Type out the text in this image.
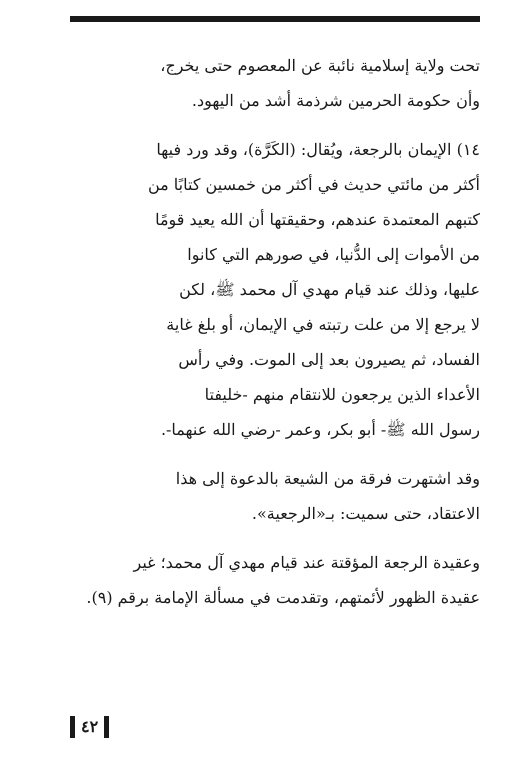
تحت ولاية إسلامية نائبة عن المعصوم حتى يخرج،
وأن حكومة الحرمين شرذمة أشد من اليهود.
١٤) الإيمان بالرجعة، ويُقال: (الكَرَّة)، وقد ورد فيها
أكثر من مائتي حديث في أكثر من خمسين كتابًا من
كتبهم المعتمدة عندهم، وحقيقتها أن الله يعيد قومًا
من الأموات إلى الدُّنيا، في صورهم التي كانوا
عليها، وذلك عند قيام مهدي آل محمد ﷺ، لكن
لا يرجع إلا من علت رتبته في الإيمان، أو بلغ غاية
الفساد، ثم يصيرون بعد إلى الموت. وفي رأس
الأعداء الذين يرجعون للانتقام منهم -خليفتا
رسول الله ﷺ- أبو بكر، وعمر -رضي الله عنهما-.
وقد اشتهرت فرقة من الشيعة بالدعوة إلى هذا
الاعتقاد، حتى سميت: بـ«الرجعية».
وعقيدة الرجعة المؤقتة عند قيام مهدي آل محمد؛ غير
عقيدة الظهور لأئمتهم، وتقدمت في مسألة الإمامة برقم (٩).
٤٢
